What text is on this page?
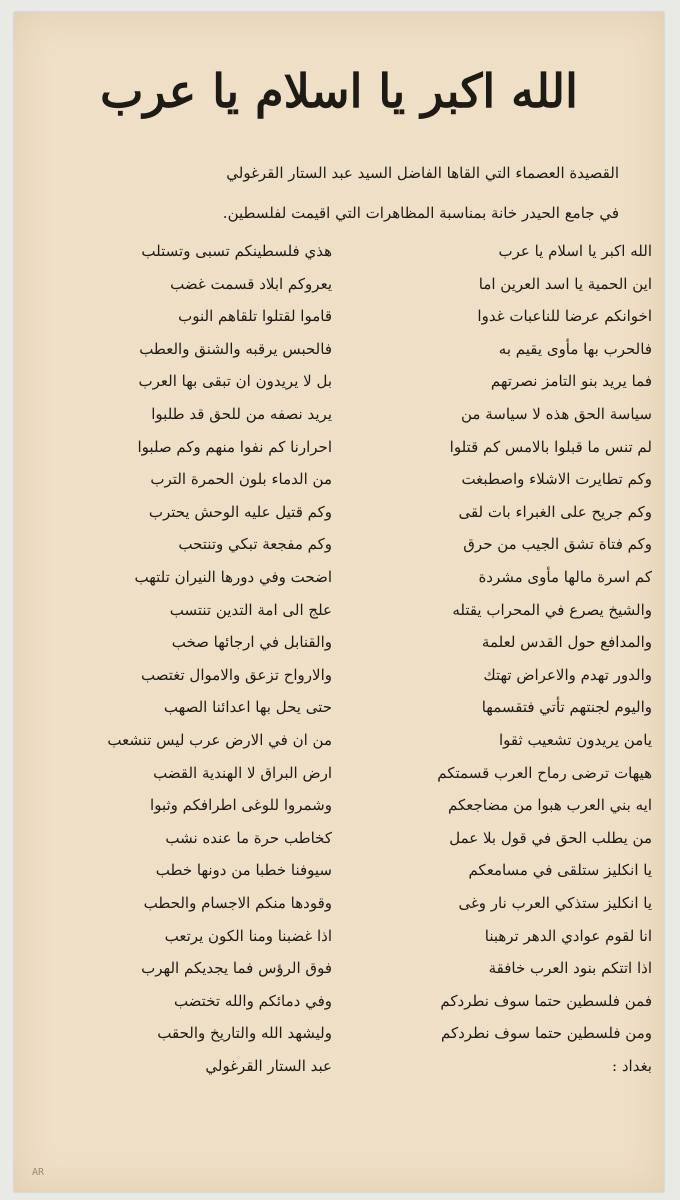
الله اكبر يا اسلام يا عرب
القصيدة العصماء التي القاها الفاضل السيد عبد الستار القرغولي
في جامع الحيدر خانة بمناسبة المظاهرات التي اقيمت لفلسطين.
الله اكبر يا اسلام يا عرب
اين الحمية يا اسد العرين اما
اخوانكم عرضا للناعبات غدوا
فالحرب بها مأوى يقيم به
فما يريد بنو التامز نصرتهم
سياسة الحق هذه لا سياسة من
لم تنس ما قبلوا بالامس كم قتلوا
وكم تطايرت الاشلاء واصطبغت
وكم جريح على الغبراء بات لقى
وكم فتاة تشق الجيب من حرق
كم اسرة مالها مأوى مشردة
والشيخ يصرع في المحراب يقتله
والمدافع حول القدس لعلمة
والدور تهدم والاعراض تهتك
واليوم لجنتهم تأتي فتقسمها
يامن يريدون تشعيب ثقوا
هيهات ترضى رماح العرب قسمتكم
ايه بني العرب هبوا من مضاجعكم
من يطلب الحق في قول بلا عمل
يا انكليز ستلقى في مسامعكم
يا انكليز ستذكي العرب نار وغى
انا لقوم عوادي الدهر ترهبنا
اذا اتتكم بنود العرب خافقة
فمن فلسطين حتما سوف نطردكم
ومن فلسطين حتما سوف نطردكم
بغداد :
هذي فلسطينكم تسبى وتستلب
يعروكم ابلاد قسمت غضب
قاموا لقتلوا تلقاهم النوب
فالحبس يرقبه والشنق والعطب
بل لا يريدون ان تبقى بها العرب
يريد نصفه من للحق قد طلبوا
احرارنا كم نفوا منهم وكم صلبوا
من الدماء بلون الحمرة الترب
وكم قتيل عليه الوحش يحترب
وكم مفجعة تبكي وتنتحب
اضحت وفي دورها النيران تلتهب
علج الى امة التدين تنتسب
والقنابل في ارجائها صخب
والارواح تزعق والاموال تغتصب
حتى يحل بها اعدائنا الصهب
من ان في الارض عرب ليس تنشعب
ارض البراق لا الهندية القضب
وشمروا للوغى اطرافكم وثبوا
كخاطب حرة ما عنده نشب
سيوفنا خطبا من دونها خطب
وقودها منكم الاجسام والحطب
اذا غضبنا ومنا الكون يرتعب
فوق الرؤس فما يجديكم الهرب
وفي دمائكم والله تختضب
وليشهد الله والتاريخ والحقب
عبد الستار القرغولي
AR
